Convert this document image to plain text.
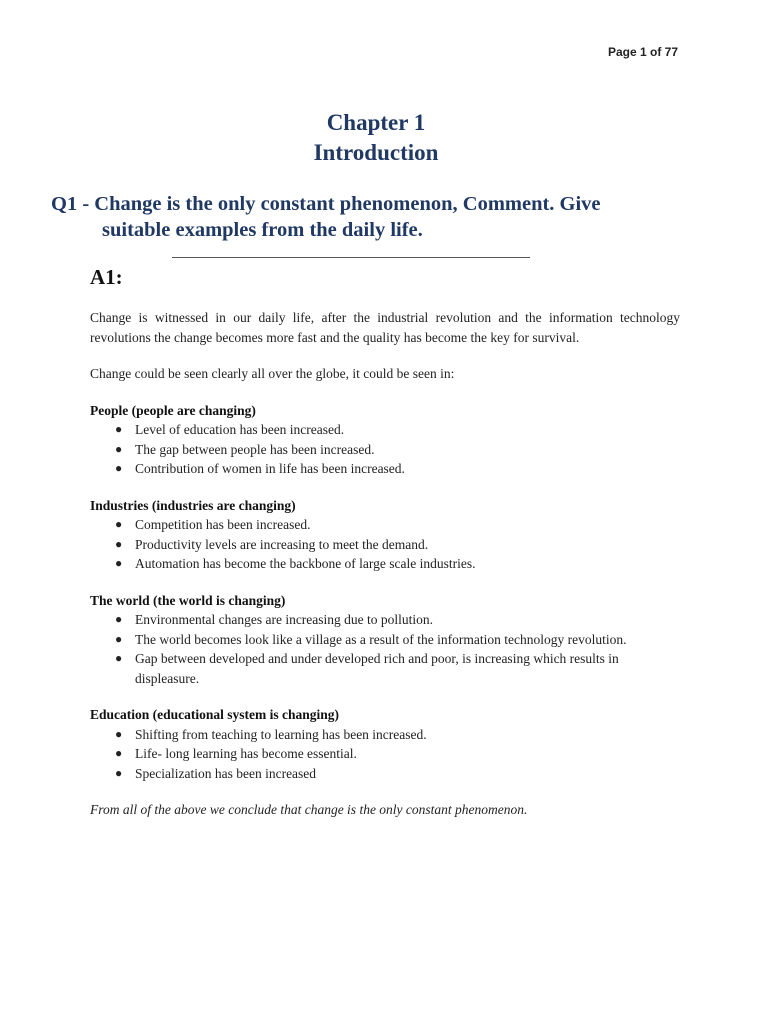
Page 1 of 77
Chapter 1
Introduction
Q1 - Change is the only constant phenomenon, Comment. Give
suitable examples from the daily life.
A1:

Change is witnessed in our daily life, after the industrial revolution and the information technology revolutions the change becomes more fast and the quality has become the key for survival.

Change could be seen clearly all over the globe, it could be seen in:

People (people are changing)

● Level of education has been increased.
● The gap between people has been increased.
● Contribution of women in life has been increased.

Industries (industries are changing)

● Competition has been increased.
● Productivity levels are increasing to meet the demand.
● Automation has become the backbone of large scale industries.

The world (the world is changing)

● Environmental changes are increasing due to pollution.
● The world becomes look like a village as a result of the information technology revolution.
● Gap between developed and under developed rich and poor, is increasing which results in displeasure.

Education (educational system is changing)

● Shifting from teaching to learning has been increased.
● Life- long learning has become essential.
● Specialization has been increased

From all of the above we conclude that change is the only constant phenomenon.
